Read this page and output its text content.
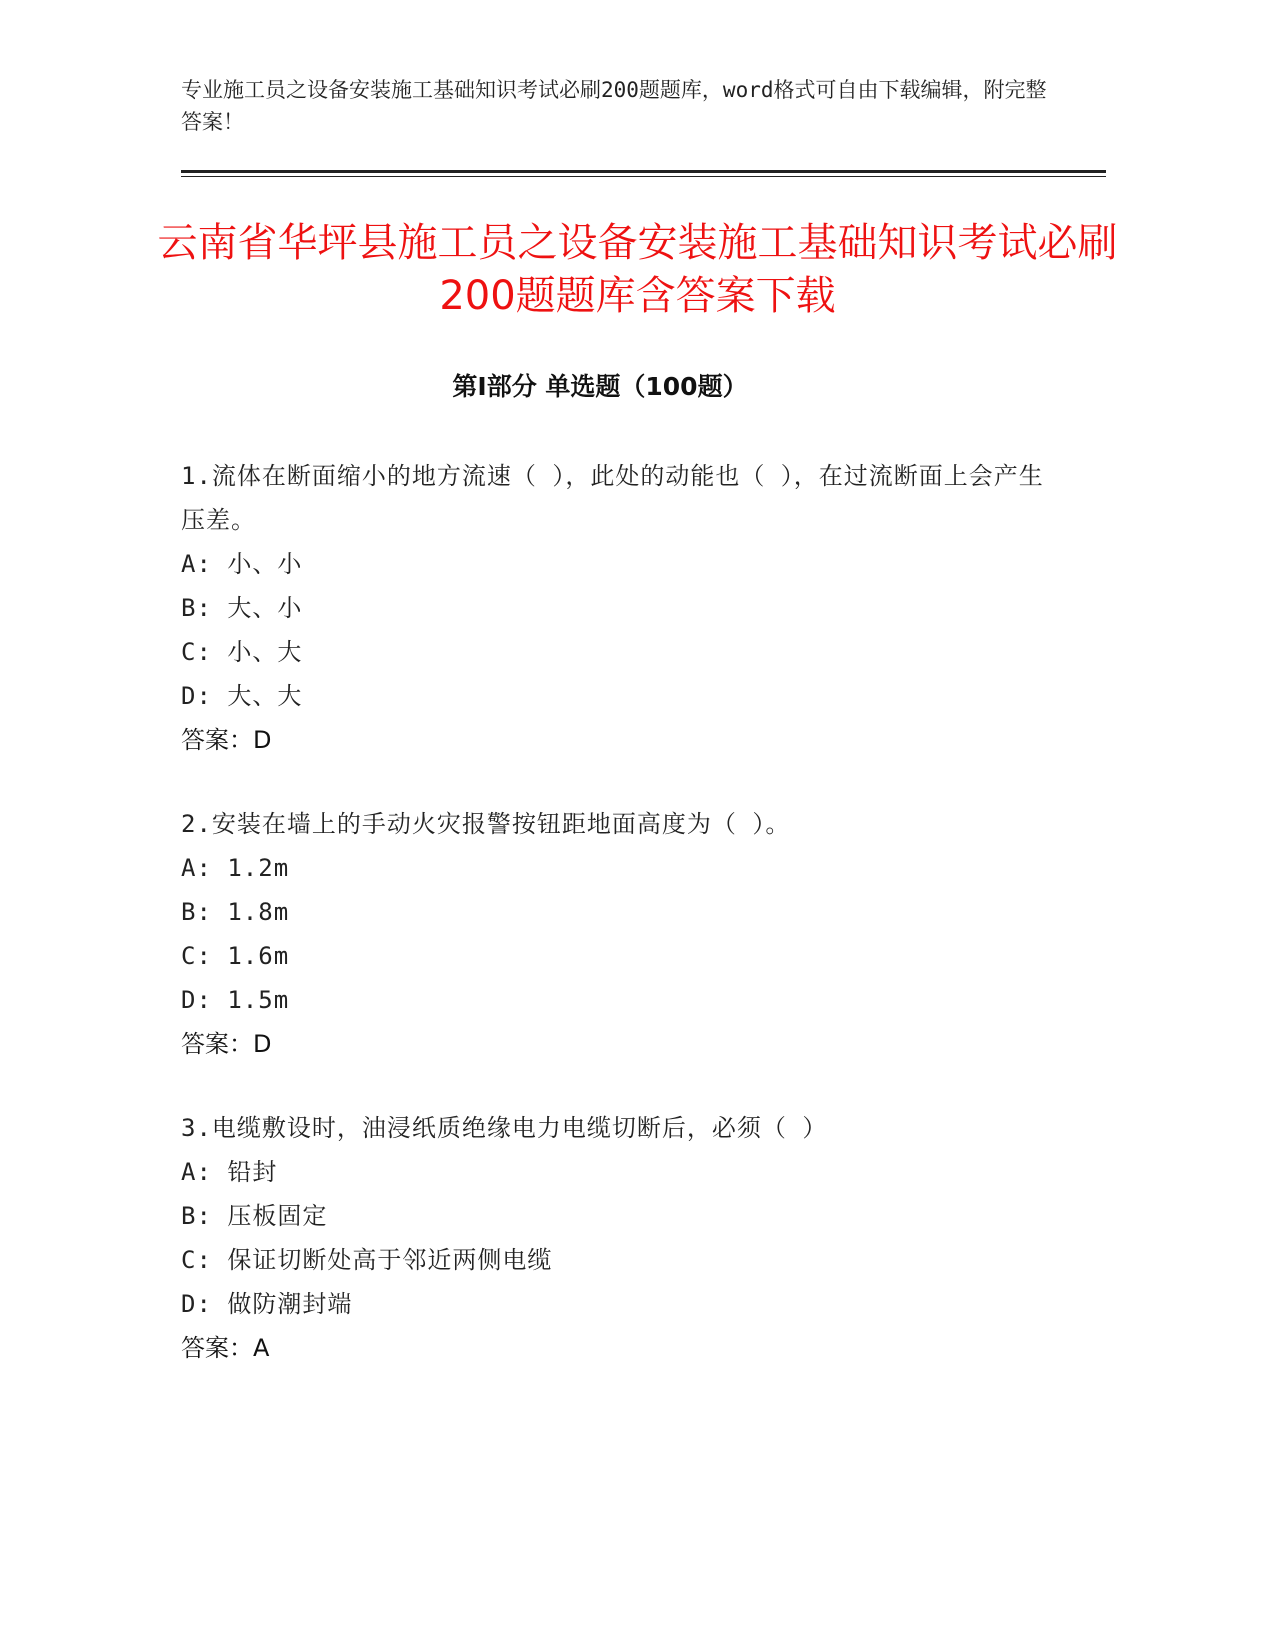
专业施工员之设备安装施工基础知识考试必刷200题题库，word格式可自由下载编辑，附完整答案！
云南省华坪县施工员之设备安装施工基础知识考试必刷200题题库含答案下载
第Ⅰ部分 单选题（100题）

1.流体在断面缩小的地方流速（ ），此处的动能也（ ），在过流断面上会产生压差。

A: 小、小

B: 大、小

C: 小、大

D: 大、大

答案：D

2.安装在墙上的手动火灾报警按钮距地面高度为（ ）。

A: 1.2m

B: 1.8m

C: 1.6m

D: 1.5m

答案：D

3.电缆敷设时，油浸纸质绝缘电力电缆切断后，必须（ ）

A: 铅封

B: 压板固定

C: 保证切断处高于邻近两侧电缆

D: 做防潮封端

答案：A
